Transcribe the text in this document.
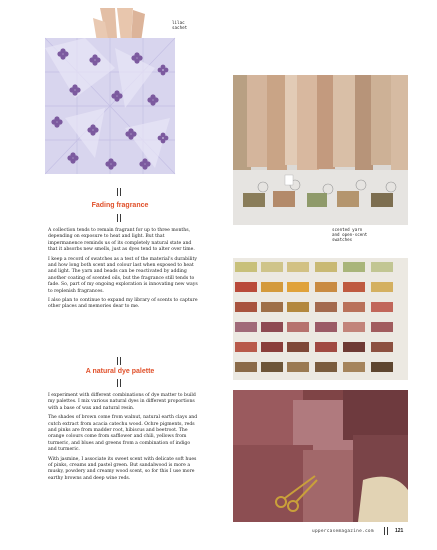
lilac
sachet
Fading fragrance

A collection tends to remain fragrant for up to three months, depending on exposure to heat and light. But that impermanence reminds us of its completely natural state and that it absorbs new smells, just as dyes tend to alter over time.

I keep a record of swatches as a test of the material's durability and how long both scent and colour last when exposed to heat and light. The yarn and beads can be reactivated by adding another coating of scented oils, but the fragrance still tends to fade. So, part of my ongoing exploration is innovating new ways to replenish fragrances.

I also plan to continue to expand my library of scents to capture other places and memories dear to me.

A natural dye palette

I experiment with different combinations of dye matter to build my palettes. I mix various natural dyes in different proportions with a base of wax and natural resin.

The shades of brown come from walnut, natural earth clays and cutch extract from acacia catechu wood. Ochre pigments, reds and pinks are from madder root, hibiscus and beetroot. The orange colours come from safflower and chili, yellows from turmeric, and blues and greens from a combination of indigo and turmeric.

With jasmine, I associate its sweet scent with delicate soft hues of pinks, creams and pastel green. But sandalwood is more a musky, powdery and creamy wood scent, so for this I use more earthy browns and deep wine reds.

scented yarn
and open-scent
swatches
uppercasemagazine.com	121
